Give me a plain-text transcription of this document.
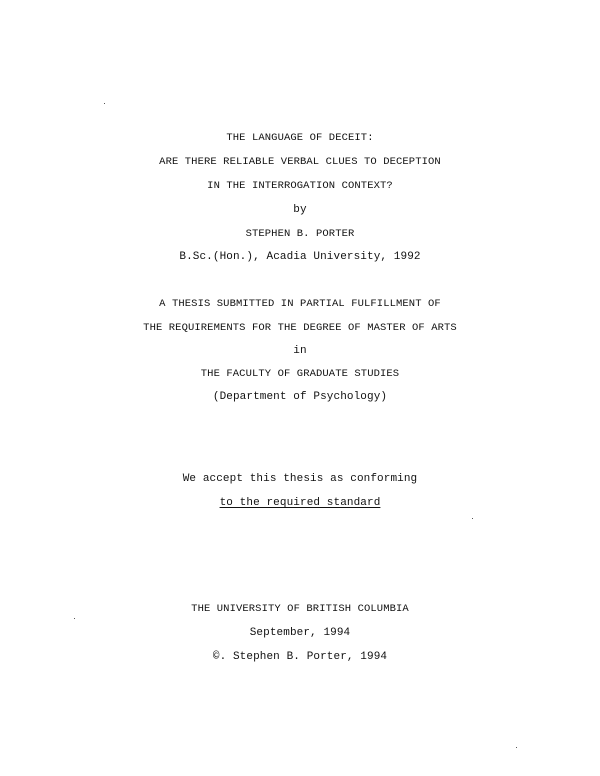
THE LANGUAGE OF DECEIT:
ARE THERE RELIABLE VERBAL CLUES TO DECEPTION
IN THE INTERROGATION CONTEXT?
by
STEPHEN B. PORTER
B.Sc.(Hon.), Acadia University, 1992
A THESIS SUBMITTED IN PARTIAL FULFILLMENT OF
THE REQUIREMENTS FOR THE DEGREE OF MASTER OF ARTS
in
THE FACULTY OF GRADUATE STUDIES
(Department of Psychology)
We accept this thesis as conforming
to the required standard
THE UNIVERSITY OF BRITISH COLUMBIA
September, 1994
©. Stephen B. Porter, 1994
